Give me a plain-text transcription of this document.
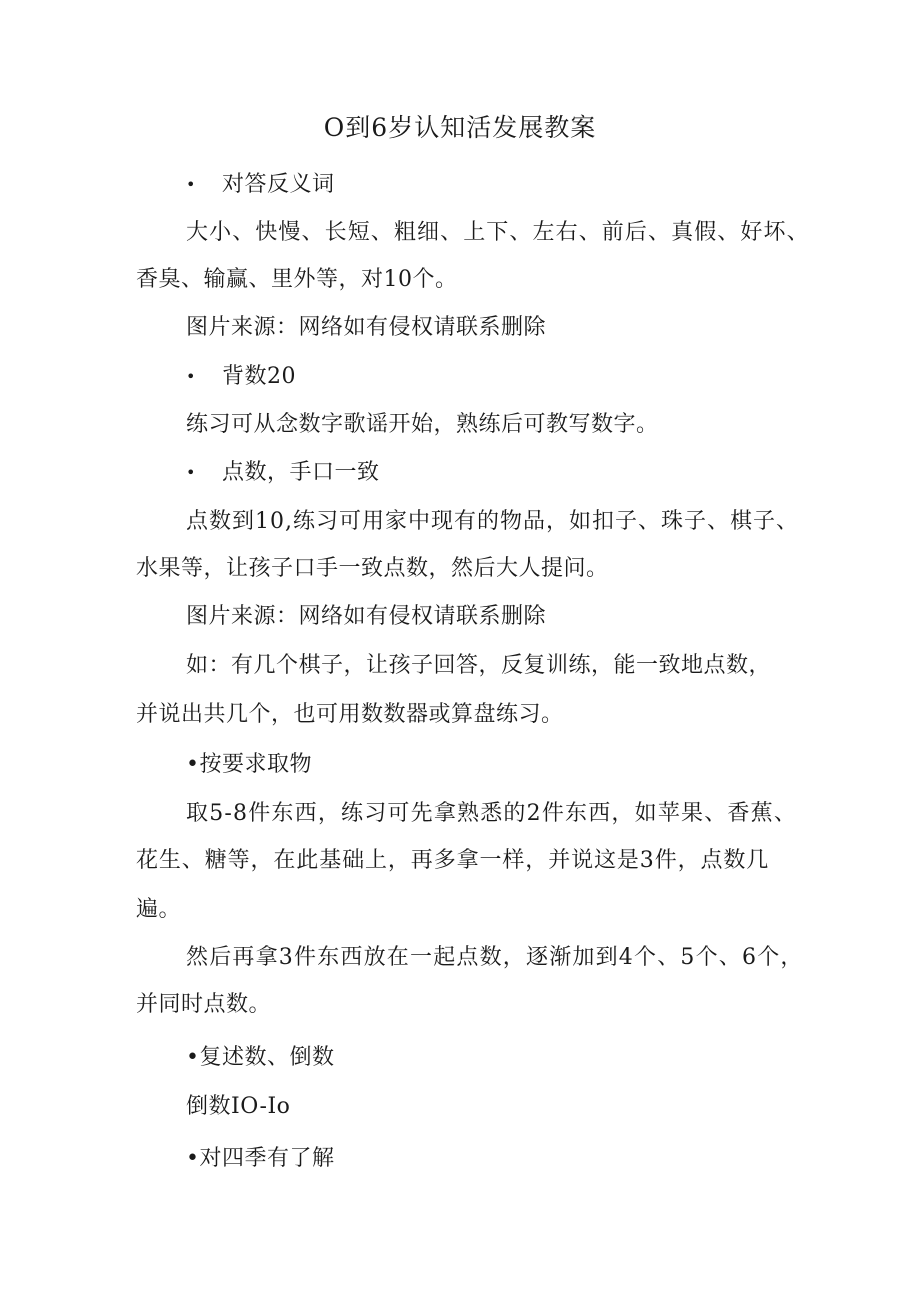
O到6岁认知活发展教案
• 对答反义词
大小、快慢、长短、粗细、上下、左右、前后、真假、好坏、
香臭、输赢、里外等，对10个。
图片来源：网络如有侵权请联系删除
• 背数20
练习可从念数字歌谣开始，熟练后可教写数字。
• 点数，手口一致
点数到10,练习可用家中现有的物品，如扣子、珠子、棋子、
水果等，让孩子口手一致点数，然后大人提问。
图片来源：网络如有侵权请联系删除
如：有几个棋子，让孩子回答，反复训练，能一致地点数，
并说出共几个，也可用数数器或算盘练习。
•按要求取物
取5-8件东西，练习可先拿熟悉的2件东西，如苹果、香蕉、
花生、糖等，在此基础上，再多拿一样，并说这是3件，点数几
遍。
然后再拿3件东西放在一起点数，逐渐加到4个、5个、6个，
并同时点数。
•复述数、倒数
倒数IO-Io
•对四季有了解
